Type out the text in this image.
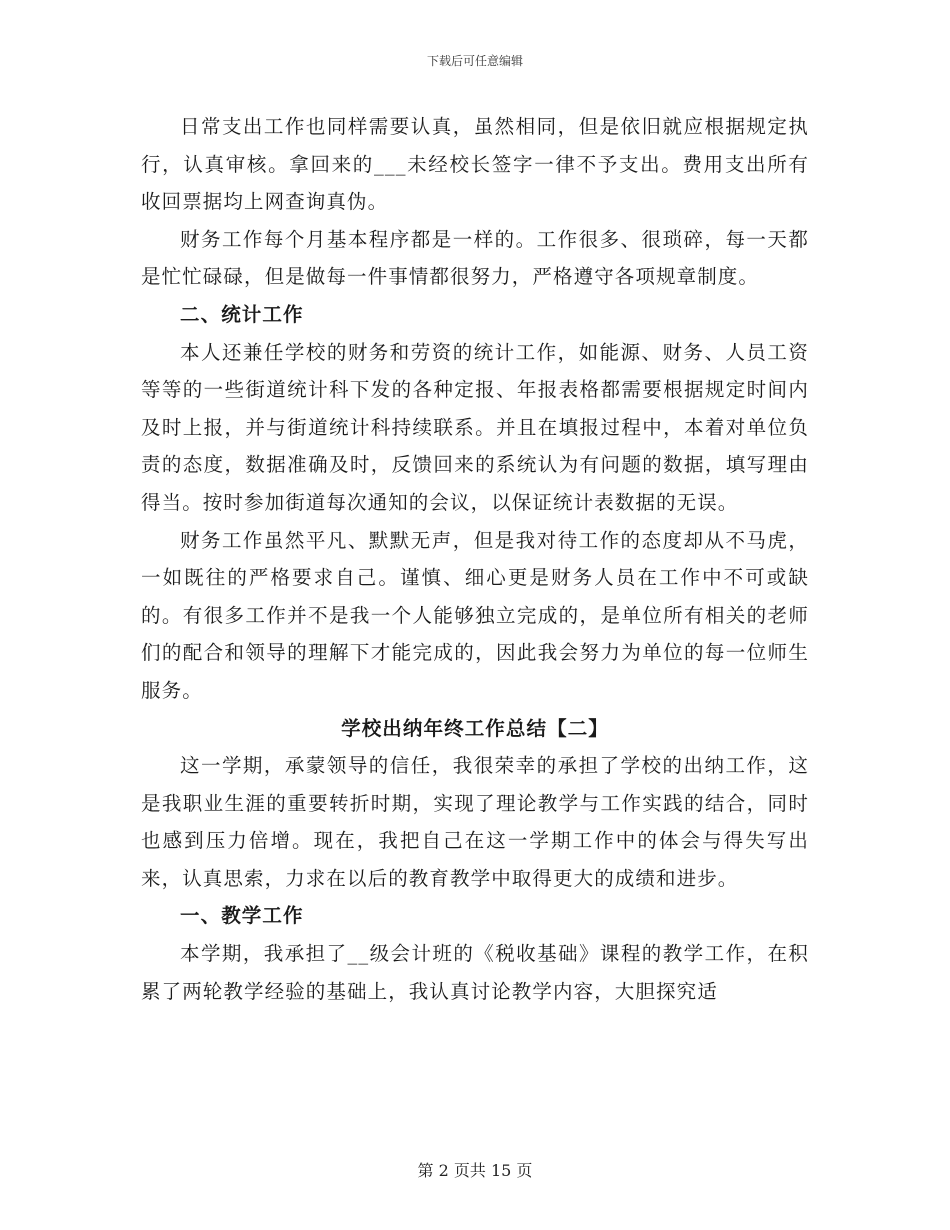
下载后可任意编辑

日常支出工作也同样需要认真，虽然相同，但是依旧就应根据规定执行，认真审核。拿回来的___未经校长签字一律不予支出。费用支出所有收回票据均上网查询真伪。

财务工作每个月基本程序都是一样的。工作很多、很琐碎，每一天都是忙忙碌碌，但是做每一件事情都很努力，严格遵守各项规章制度。

二、统计工作

本人还兼任学校的财务和劳资的统计工作，如能源、财务、人员工资等等的一些街道统计科下发的各种定报、年报表格都需要根据规定时间内及时上报，并与街道统计科持续联系。并且在填报过程中，本着对单位负责的态度，数据准确及时，反馈回来的系统认为有问题的数据，填写理由得当。按时参加街道每次通知的会议，以保证统计表数据的无误。

财务工作虽然平凡、默默无声，但是我对待工作的态度却从不马虎，一如既往的严格要求自己。谨慎、细心更是财务人员在工作中不可或缺的。有很多工作并不是我一个人能够独立完成的，是单位所有相关的老师们的配合和领导的理解下才能完成的，因此我会努力为单位的每一位师生服务。

学校出纳年终工作总结【二】

这一学期，承蒙领导的信任，我很荣幸的承担了学校的出纳工作，这是我职业生涯的重要转折时期，实现了理论教学与工作实践的结合，同时也感到压力倍增。现在，我把自己在这一学期工作中的体会与得失写出来，认真思索，力求在以后的教育教学中取得更大的成绩和进步。

一、教学工作

本学期，我承担了__级会计班的《税收基础》课程的教学工作，在积累了两轮教学经验的基础上，我认真讨论教学内容，大胆探究适

第 2 页共 15 页
